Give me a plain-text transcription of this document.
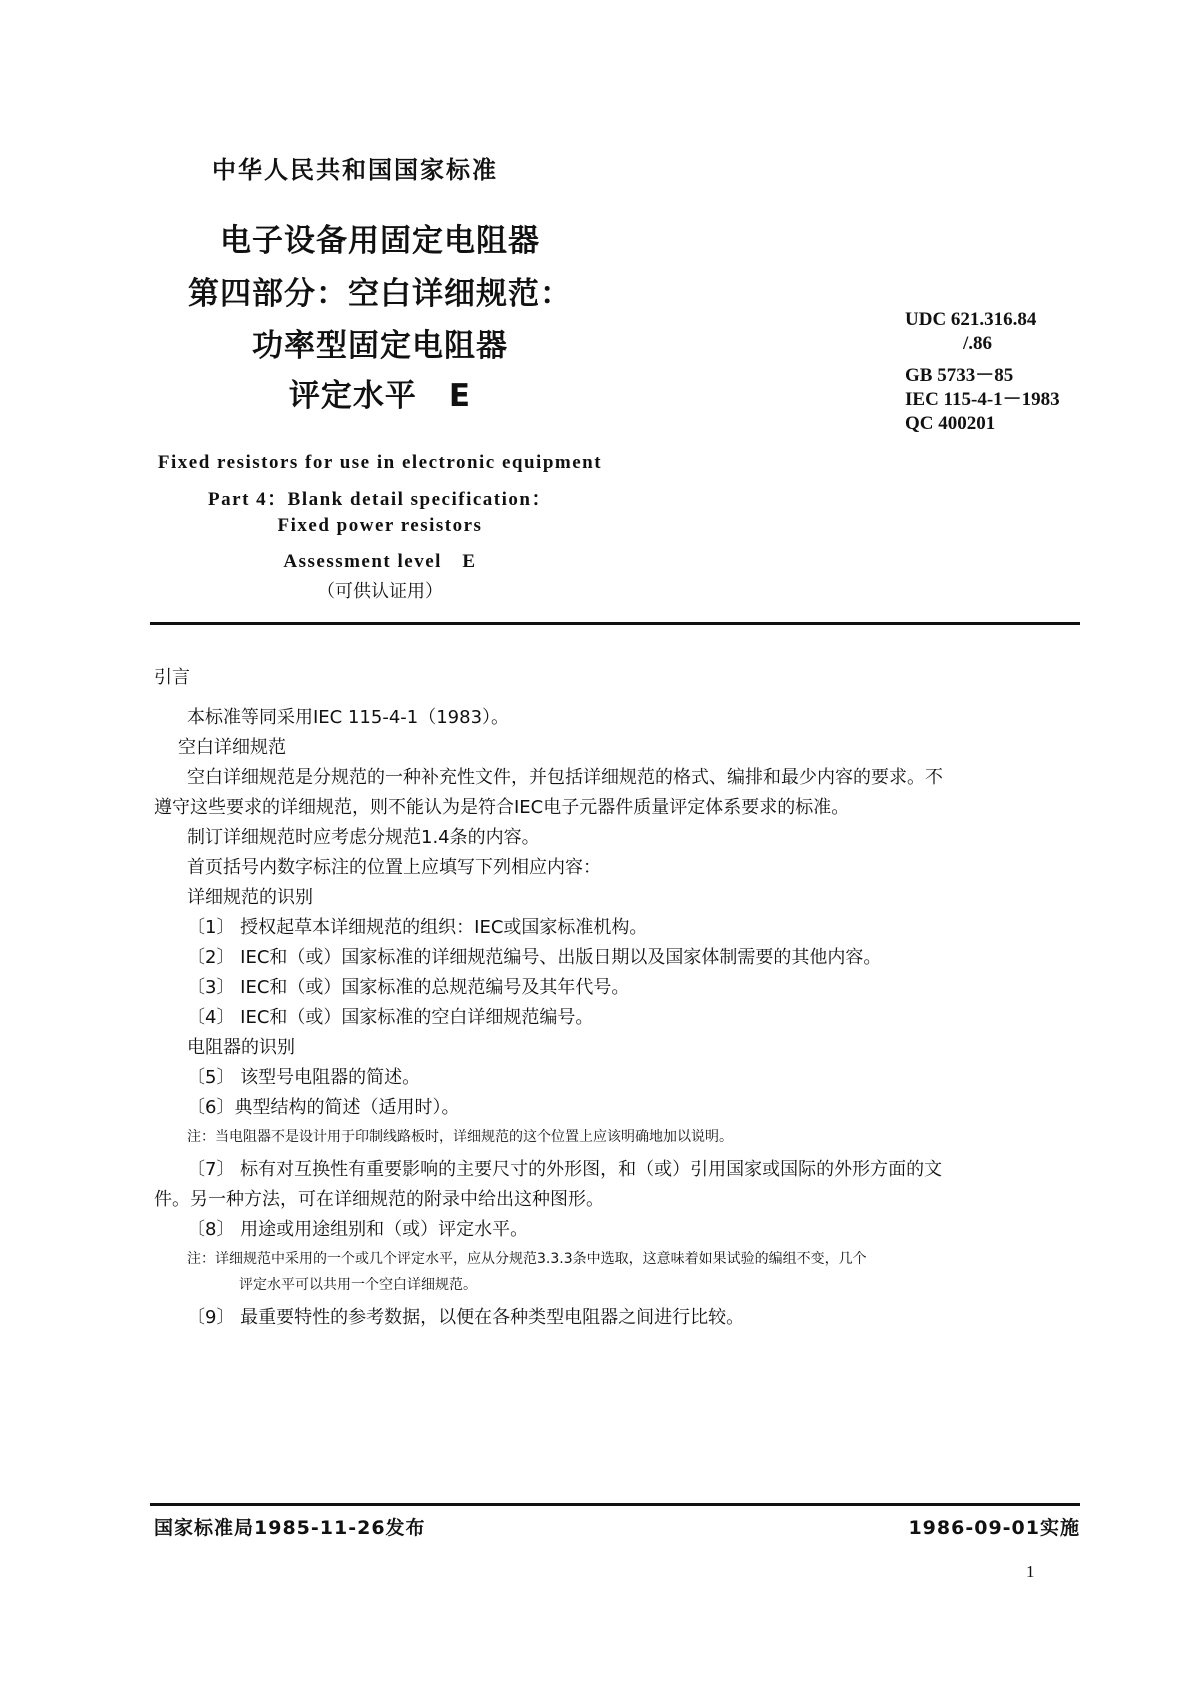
中华人民共和国国家标准

电子设备用固定电阻器

第四部分：空白详细规范：

功率型固定电阻器

评定水平　E

UDC 621.316.84
/.86
GB 5733－85
IEC 115-4-1－1983
QC 400201

Fixed resistors for use in electronic equipment

Part 4：Blank detail specification：

Fixed power resistors

Assessment level　E

（可供认证用）

引言

本标准等同采用IEC 115-4-1（1983）。

空白详细规范

空白详细规范是分规范的一种补充性文件，并包括详细规范的格式、编排和最少内容的要求。不

遵守这些要求的详细规范，则不能认为是符合IEC电子元器件质量评定体系要求的标准。

制订详细规范时应考虑分规范1.4条的内容。

首页括号内数字标注的位置上应填写下列相应内容：

详细规范的识别

〔1〕 授权起草本详细规范的组织：IEC或国家标准机构。

〔2〕 IEC和（或）国家标准的详细规范编号、出版日期以及国家体制需要的其他内容。

〔3〕 IEC和（或）国家标准的总规范编号及其年代号。

〔4〕 IEC和（或）国家标准的空白详细规范编号。

电阻器的识别

〔5〕 该型号电阻器的简述。

〔6〕典型结构的简述（适用时）。

注：当电阻器不是设计用于印制线路板时，详细规范的这个位置上应该明确地加以说明。

〔7〕 标有对互换性有重要影响的主要尺寸的外形图，和（或）引用国家或国际的外形方面的文

件。另一种方法，可在详细规范的附录中给出这种图形。

〔8〕 用途或用途组别和（或）评定水平。

注：详细规范中采用的一个或几个评定水平，应从分规范3.3.3条中选取，这意味着如果试验的编组不变，几个

评定水平可以共用一个空白详细规范。

〔9〕 最重要特性的参考数据，以便在各种类型电阻器之间进行比较。

国家标准局1985-11-26发布	1986-09-01实施

1
